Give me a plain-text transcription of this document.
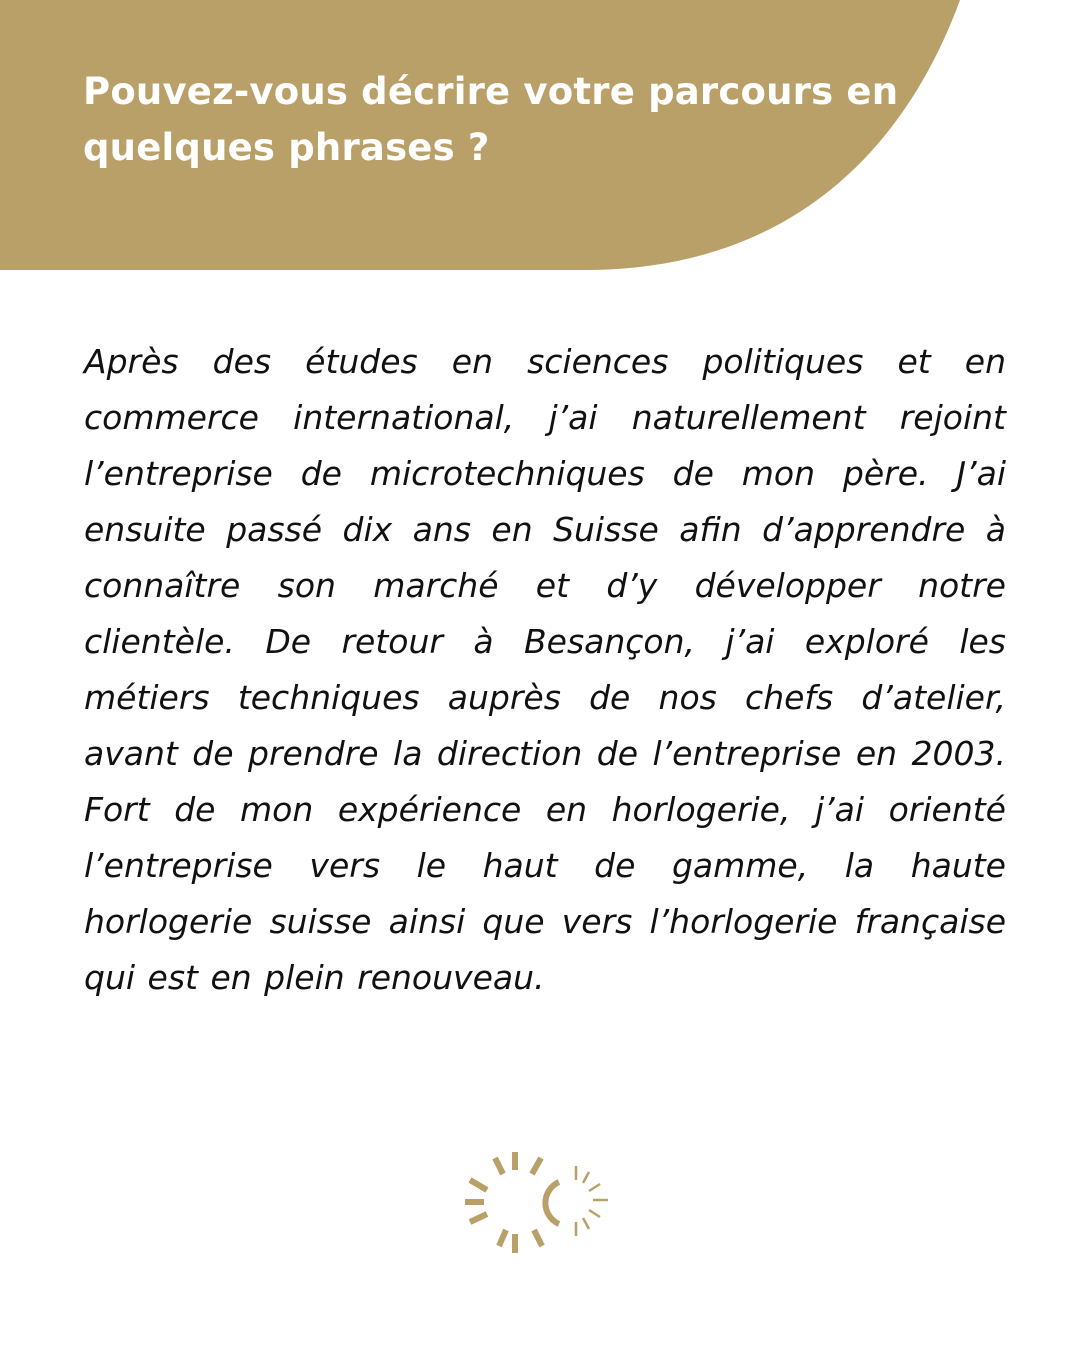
Pouvez-vous décrire votre parcours en quelques phrases ?

Après des études en sciences politiques et en commerce international, j’ai naturellement rejoint l’entreprise de microtechniques de mon père. J’ai ensuite passé dix ans en Suisse afin d’apprendre à connaître son marché et d’y développer notre clientèle. De retour à Besançon, j’ai exploré les métiers techniques auprès de nos chefs d’atelier, avant de prendre la direction de l’entreprise en 2003. Fort de mon expérience en horlogerie, j’ai orienté l’entreprise vers le haut de gamme, la haute horlogerie suisse ainsi que vers l’horlogerie française qui est en plein renouveau.
